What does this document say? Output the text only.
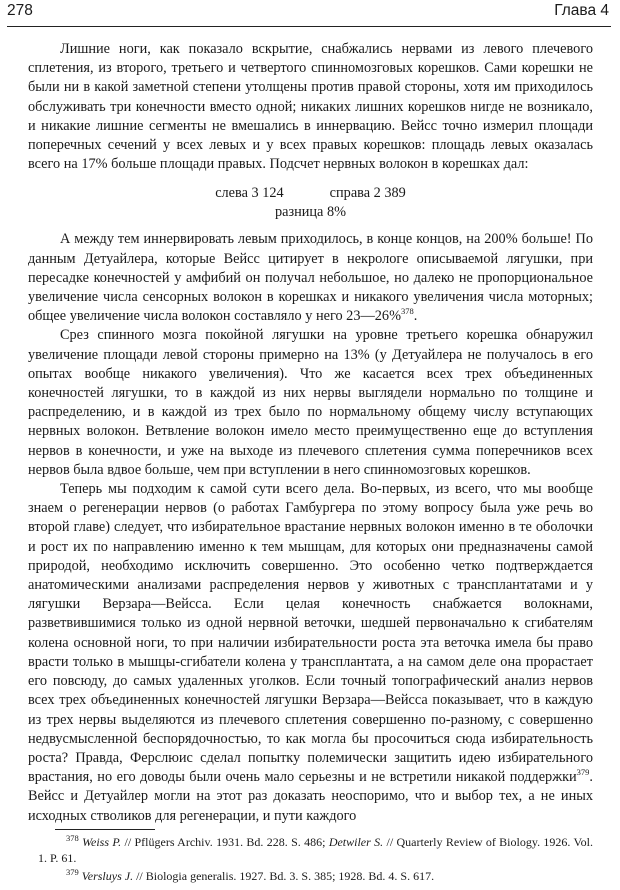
278	Глава 4

Лишние ноги, как показало вскрытие, снабжались нервами из левого плечевого сплетения, из второго, третьего и четвертого спинномозговых корешков. Сами корешки не были ни в какой заметной степени утолщены против правой стороны, хотя им приходилось обслуживать три конечности вместо одной; никаких лишних корешков нигде не возникало, и никакие лишние сегменты не вмешались в иннервацию. Вейсс точно измерил площади поперечных сечений у всех левых и у всех правых корешков: площадь левых оказалась всего на 17% больше площади правых. Подсчет нервных волокон в корешках дал:

слева 3 124	справа 2 389
разница 8%

А между тем иннервировать левым приходилось, в конце концов, на 200% больше! По данным Детуайлера, которые Вейсс цитирует в некрологе описываемой лягушки, при пересадке конечностей у амфибий он получал небольшое, но далеко не пропорциональное увеличение числа сенсорных волокон в корешках и никакого увеличения числа моторных; общее увеличение числа волокон составляло у него 23—26%$^{378}$.

Срез спинного мозга покойной лягушки на уровне третьего корешка обнаружил увеличение площади левой стороны примерно на 13% (у Детуайлера не получалось в его опытах вообще никакого увеличения). Что же касается всех трех объединенных конечностей лягушки, то в каждой из них нервы выглядели нормально по толщине и распределению, и в каждой из трех было по нормальному общему числу вступающих нервных волокон. Ветвление волокон имело место преимущественно еще до вступления нервов в конечности, и уже на выходе из плечевого сплетения сумма поперечников всех нервов была вдвое больше, чем при вступлении в него спинномозговых корешков.

Теперь мы подходим к самой сути всего дела. Во-первых, из всего, что мы вообще знаем о регенерации нервов (о работах Гамбургера по этому вопросу была уже речь во второй главе) следует, что избирательное врастание нервных волокон именно в те оболочки и рост их по направлению именно к тем мышцам, для которых они предназначены самой природой, необходимо исключить совершенно. Это особенно четко подтверждается анатомическими анализами распределения нервов у животных с трансплантатами и у лягушки Верзара—Вейсса. Если целая конечность снабжается волокнами, разветвившимися только из одной нервной веточки, шедшей первоначально к сгибателям колена основной ноги, то при наличии избирательности роста эта веточка имела бы право врасти только в мышцы-сгибатели колена у трансплантата, а на самом деле она прорастает его повсюду, до самых удаленных уголков. Если точный топографический анализ нервов всех трех объединенных конечностей лягушки Верзара—Вейсса показывает, что в каждую из трех нервы выделяются из плечевого сплетения совершенно по-разному, с совершенно недвусмысленной беспорядочностью, то как могла бы просочиться сюда избирательность роста? Правда, Ферслюис сделал попытку полемически защитить идею избирательного врастания, но его доводы были очень мало серьезны и не встретили никакой поддержки$^{379}$. Вейсс и Детуайлер могли на этот раз доказать неоспоримо, что и выбор тех, а не иных исходных стволиков для регенерации, и пути каждого

$^{378}$ Weiss P. // Pflügers Archiv. 1931. Bd. 228. S. 486; Detwiler S. // Quarterly Review of Biology. 1926. Vol. 1. P. 61.

$^{379}$ Versluys J. // Biologia generalis. 1927. Bd. 3. S. 385; 1928. Bd. 4. S. 617.
